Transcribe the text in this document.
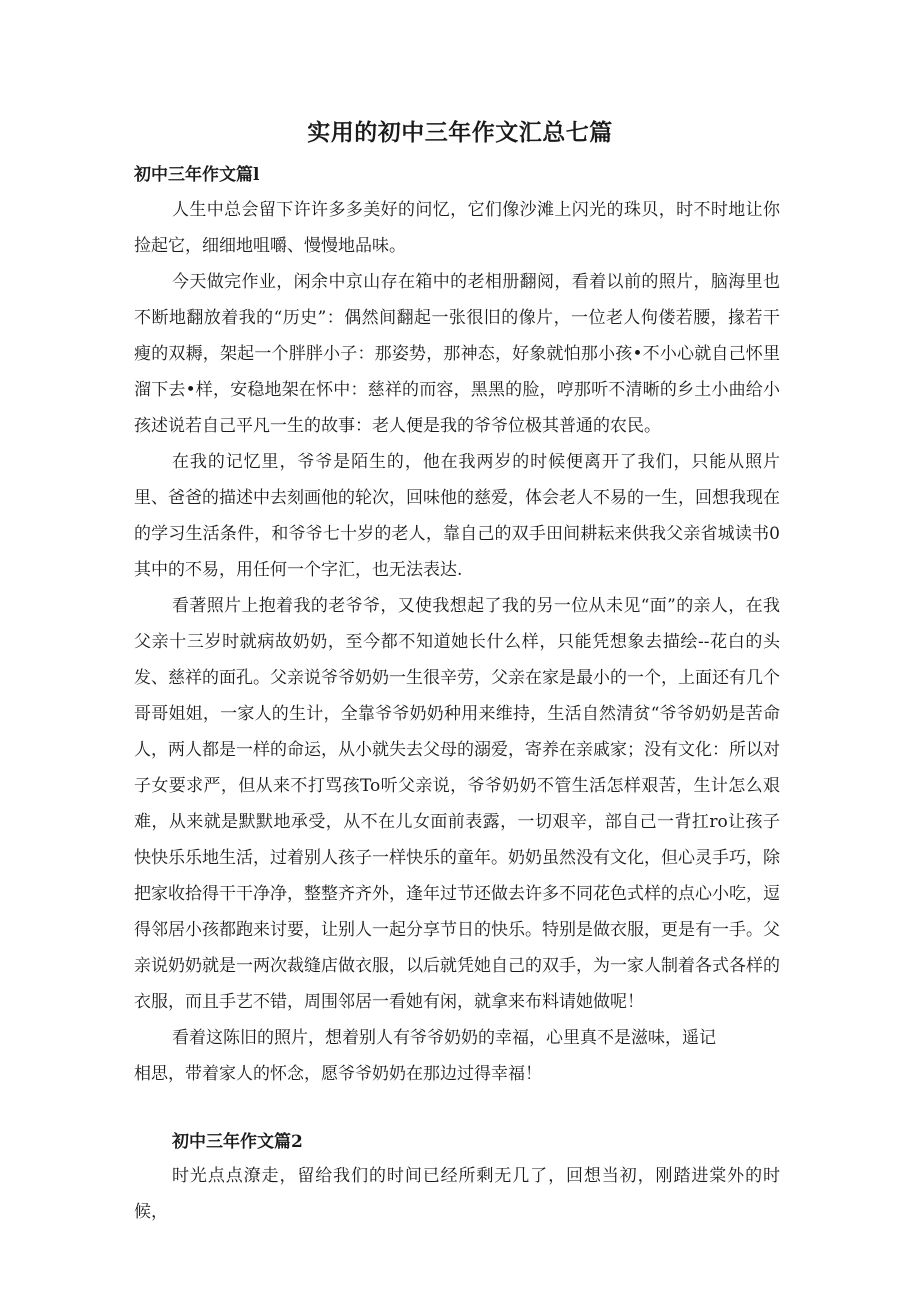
实用的初中三年作文汇总七篇
初中三年作文篇l

人生中总会留下许许多多美好的问忆，它们像沙滩上闪光的珠贝，时不时地让你捡起它，细细地咀嚼、慢慢地品味。

今天做完作业，闲余中京山存在箱中的老相册翻阅，看着以前的照片，脑海里也不断地翻放着我的“历史”：偶然间翻起一张很旧的像片，一位老人佝偻若腰，掾若干瘦的双耨，架起一个胖胖小子：那姿势，那神态，好象就怕那小孩•不小心就自己怀里溜下去•样，安稳地架在怀中：慈祥的而容，黑黑的脸，哼那听不清晰的乡土小曲给小孩述说若自己平凡一生的故事：老人便是我的爷爷位极其普通的农民。

在我的记忆里，爷爷是陌生的，他在我两岁的时候便离开了我们，只能从照片里、爸爸的描述中去刻画他的轮次，回味他的慈爱，体会老人不易的一生，回想我现在的学习生活条件，和爷爷七十岁的老人，靠自己的双手田间耕耘来供我父亲省城读书0其中的不易，用任何一个字汇，也无法表达.

看著照片上抱着我的老爷爷，又使我想起了我的另一位从未见“面”的亲人，在我父亲十三岁时就病故奶奶，至今都不知道她长什么样，只能凭想象去描绘--花白的头发、慈祥的面孔。父亲说爷爷奶奶一生很辛劳，父亲在家是最小的一个，上面还有几个哥哥姐姐，一家人的生计，全靠爷爷奶奶种用来维持，生活自然清贫“爷爷奶奶是苦命人，两人都是一样的命运，从小就失去父母的溺爱，寄养在亲戚家；没有文化：所以对子女要求严，但从来不打骂孩To听父亲说，爷爷奶奶不管生活怎样艰苦，生计怎么艰难，从来就是默默地承受，从不在儿女面前表露，一切艰辛，部自己一背扛ro让孩子快快乐乐地生活，过着别人孩子一样快乐的童年。奶奶虽然没有文化，但心灵手巧，除把家收拾得干干净净，整整齐齐外，逢年过节还做去许多不同花色式样的点心小吃，逗得邻居小孩都跑来讨要，让别人一起分享节日的快乐。特别是做衣服，更是有一手。父亲说奶奶就是一两次裁缝店做衣服，以后就凭她自己的双手，为一家人制着各式各样的衣服，而且手艺不错，周围邻居一看她有闲，就拿来布料请她做呢！

看着这陈旧的照片，想着别人有爷爷奶奶的幸福，心里真不是滋味，遥记

相思，带着家人的怀念，愿爷爷奶奶在那边过得幸福！

初中三年作文篇2

时光点点潦走，留给我们的时间已经所剩无几了，回想当初，刚踏进棠外的时候，
